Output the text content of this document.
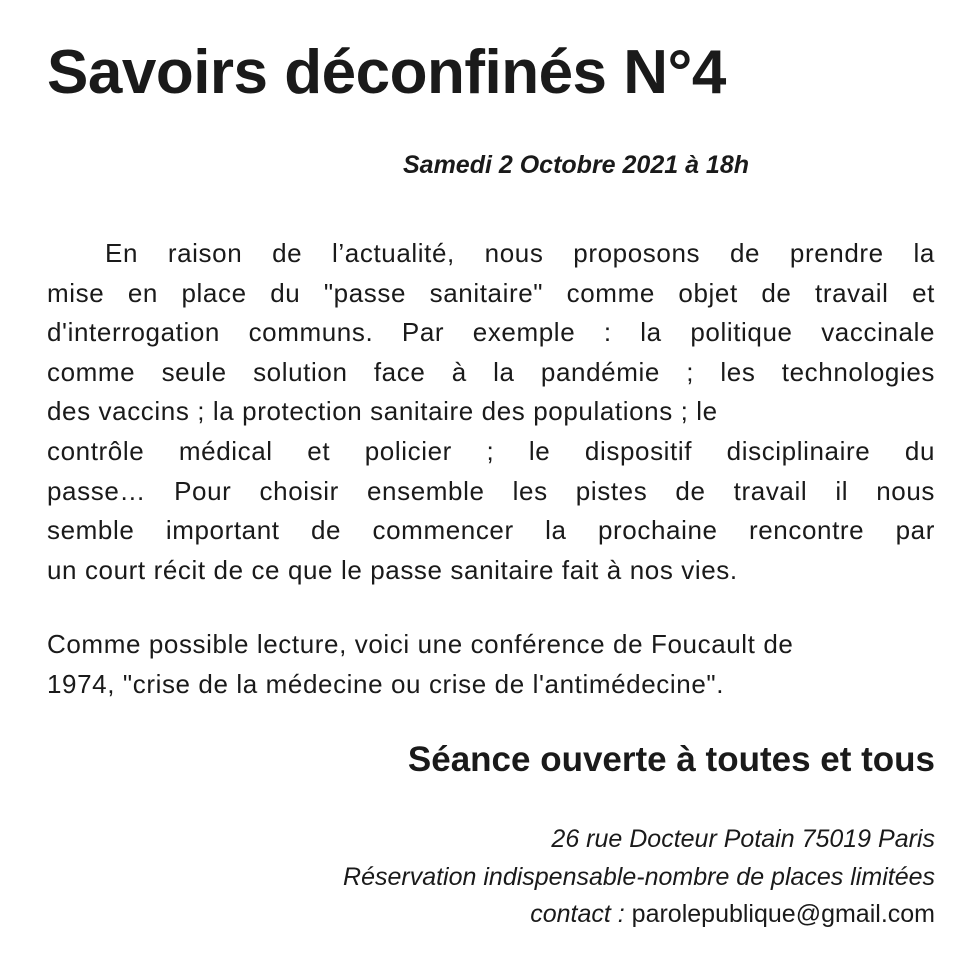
Savoirs déconfinés N°4
Samedi 2 Octobre 2021 à 18h

En raison de l’actualité, nous proposons de prendre la
mise en place du "passe sanitaire" comme objet de travail et
d'interrogation communs. Par exemple : la politique vaccinale
comme seule solution face à la pandémie ; les technologies
des vaccins ; la protection sanitaire des populations ; le
contrôle médical et policier ; le dispositif disciplinaire du
passe… Pour choisir ensemble les pistes de travail il nous
semble important de commencer la prochaine rencontre par
un court récit de ce que le passe sanitaire fait à nos vies.

Comme possible lecture, voici une conférence de Foucault de
1974, "crise de la médecine ou crise de l'antimédecine".

Séance ouverte à toutes et tous
26 rue Docteur Potain 75019 Paris
Réservation indispensable-nombre de places limitées
contact : parolepublique@gmail.com
